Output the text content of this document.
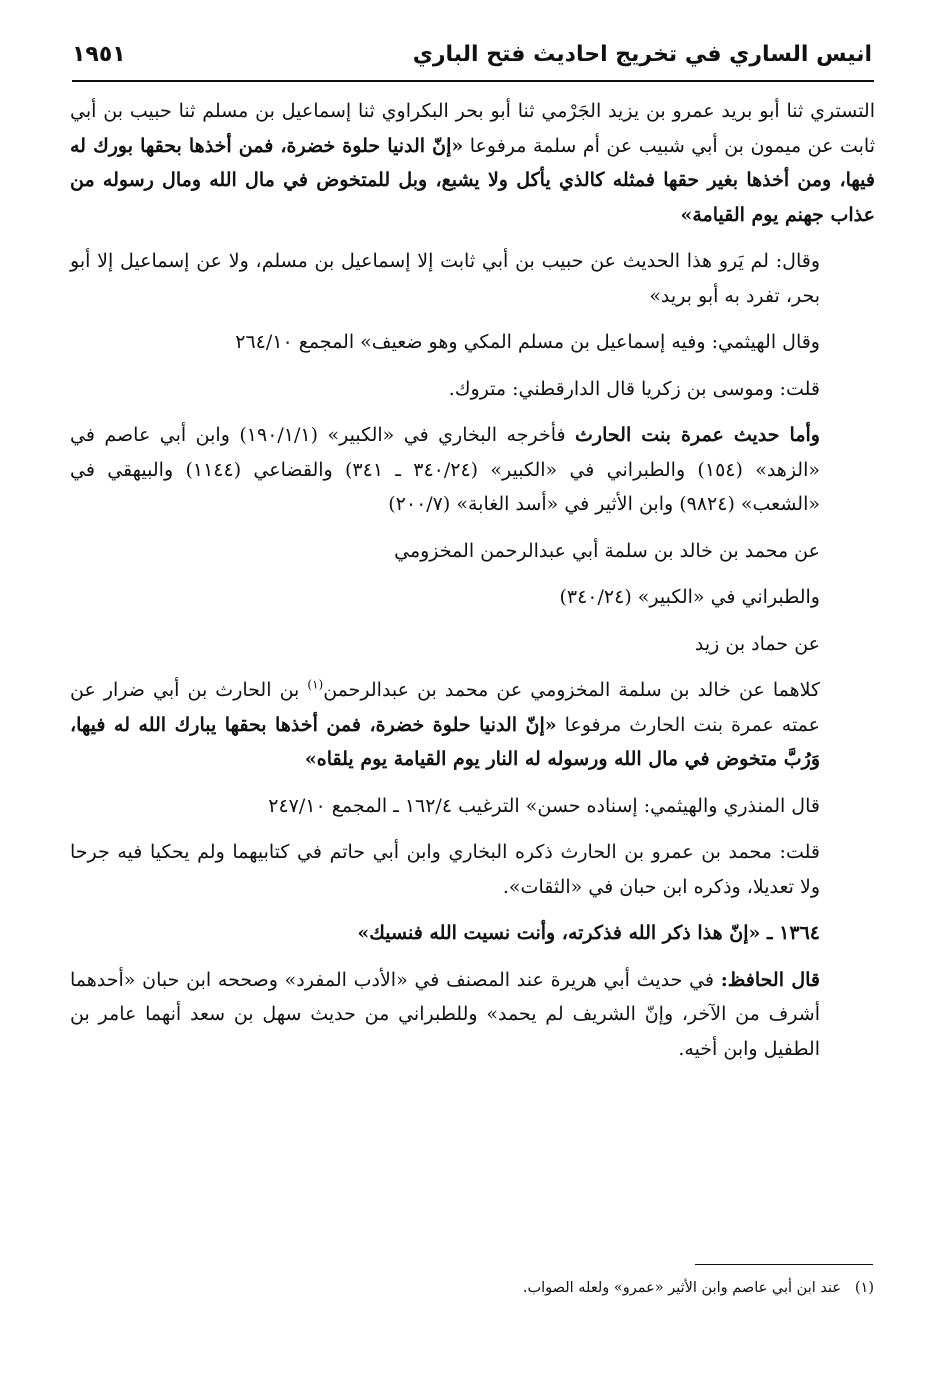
انيس الساري في تخريج احاديث فتح الباري
١٩٥١

التستري ثنا أبو بريد عمرو بن يزيد الجَرْمي ثنا أبو بحر البكراوي ثنا إسماعيل بن مسلم ثنا حبيب بن أبي ثابت عن ميمون بن أبي شبيب عن أم سلمة مرفوعا «إنّ الدنيا حلوة خضرة، فمن أخذها بحقها بورك له فيها، ومن أخذها بغير حقها فمثله كالذي يأكل ولا يشبع، وبل للمتخوض في مال الله ومال رسوله من عذاب جهنم يوم القيامة»

وقال: لم يَرو هذا الحديث عن حبيب بن أبي ثابت إلا إسماعيل بن مسلم، ولا عن إسماعيل إلا أبو بحر، تفرد به أبو بريد»

وقال الهيثمي: وفيه إسماعيل بن مسلم المكي وهو ضعيف» المجمع ٢٦٤/١٠

قلت: وموسى بن زكريا قال الدارقطني: متروك.

وأما حديث عمرة بنت الحارث فأخرجه البخاري في «الكبير» (١٩٠/١/١) وابن أبي عاصم في «الزهد» (١٥٤) والطبراني في «الكبير» (٣٤٠/٢٤ ـ ٣٤١) والقضاعي (١١٤٤) والبيهقي في «الشعب» (٩٨٢٤) وابن الأثير في «أسد الغابة» (٢٠٠/٧)

عن محمد بن خالد بن سلمة أبي عبدالرحمن المخزومي

والطبراني في «الكبير» (٣٤٠/٢٤)

عن حماد بن زيد

كلاهما عن خالد بن سلمة المخزومي عن محمد بن عبدالرحمن$^{(١)}$ بن الحارث بن أبي ضرار عن عمته عمرة بنت الحارث مرفوعا «إنّ الدنيا حلوة خضرة، فمن أخذها بحقها يبارك الله له فيها، وَرُبَّ متخوض في مال الله ورسوله له النار يوم القيامة يوم يلقاه»

قال المنذري والهيثمي: إسناده حسن» الترغيب ١٦٢/٤ ـ المجمع ٢٤٧/١٠

قلت: محمد بن عمرو بن الحارث ذكره البخاري وابن أبي حاتم في كتابيهما ولم يحكيا فيه جرحا ولا تعديلا، وذكره ابن حبان في «الثقات».

١٣٦٤ ـ «إنّ هذا ذكر الله فذكرته، وأنت نسيت الله فنسيك»

قال الحافظ: في حديث أبي هريرة عند المصنف في «الأدب المفرد» وصححه ابن حبان «أحدهما أشرف من الآخر، وإنّ الشريف لم يحمد» وللطبراني من حديث سهل بن سعد أنهما عامر بن الطفيل وابن أخيه.

(١)   عند ابن أبي عاصم وابن الأثير «عمرو» ولعله الصواب.
